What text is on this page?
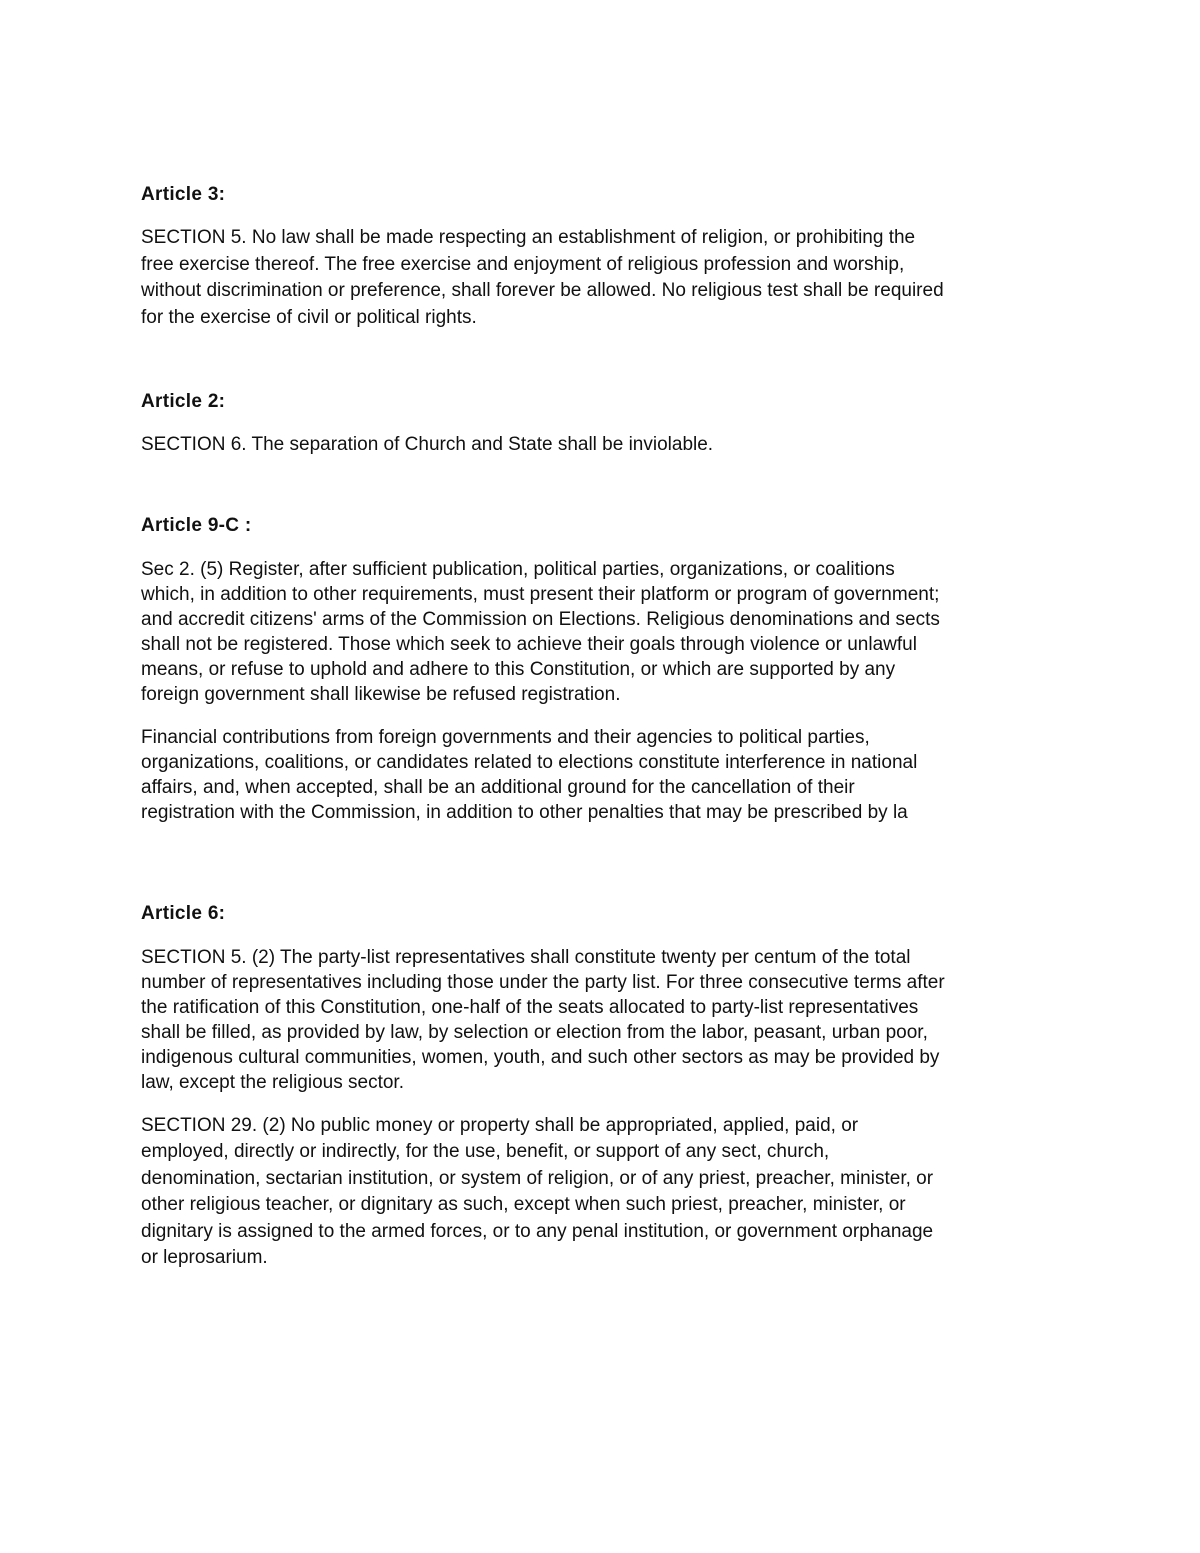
Article 3:

SECTION 5. No law shall be made respecting an establishment of religion, or prohibiting the
free exercise thereof. The free exercise and enjoyment of religious profession and worship,
without discrimination or preference, shall forever be allowed. No religious test shall be required
for the exercise of civil or political rights.

Article 2:

SECTION 6. The separation of Church and State shall be inviolable.

Article 9-C :

Sec 2. (5) Register, after sufficient publication, political parties, organizations, or coalitions
which, in addition to other requirements, must present their platform or program of government;
and accredit citizens' arms of the Commission on Elections. Religious denominations and sects
shall not be registered. Those which seek to achieve their goals through violence or unlawful
means, or refuse to uphold and adhere to this Constitution, or which are supported by any
foreign government shall likewise be refused registration.

Financial contributions from foreign governments and their agencies to political parties,
organizations, coalitions, or candidates related to elections constitute interference in national
affairs, and, when accepted, shall be an additional ground for the cancellation of their
registration with the Commission, in addition to other penalties that may be prescribed by la

Article 6:

SECTION 5. (2) The party-list representatives shall constitute twenty per centum of the total
number of representatives including those under the party list. For three consecutive terms after
the ratification of this Constitution, one-half of the seats allocated to party-list representatives
shall be filled, as provided by law, by selection or election from the labor, peasant, urban poor,
indigenous cultural communities, women, youth, and such other sectors as may be provided by
law, except the religious sector.

SECTION 29. (2) No public money or property shall be appropriated, applied, paid, or
employed, directly or indirectly, for the use, benefit, or support of any sect, church,
denomination, sectarian institution, or system of religion, or of any priest, preacher, minister, or
other religious teacher, or dignitary as such, except when such priest, preacher, minister, or
dignitary is assigned to the armed forces, or to any penal institution, or government orphanage
or leprosarium.
